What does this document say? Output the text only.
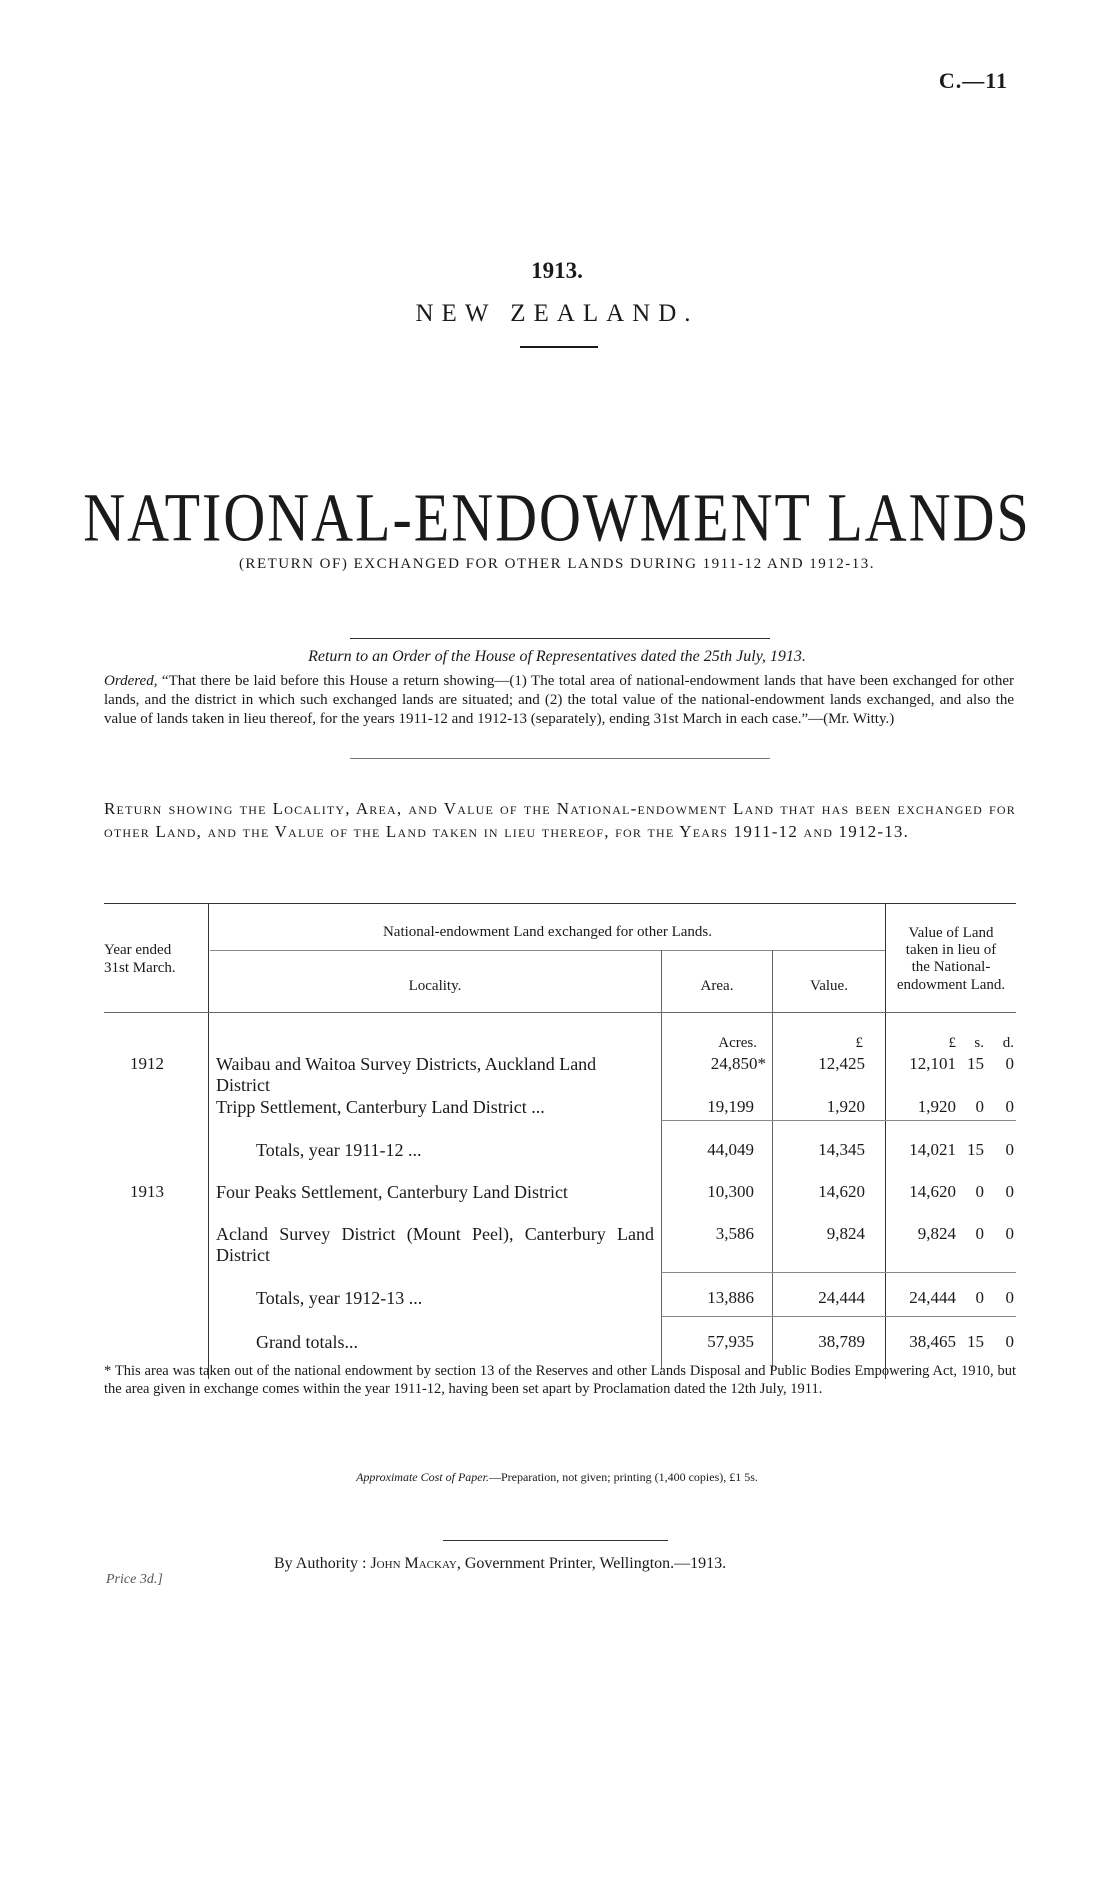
C.—11
1913.
NEW ZEALAND.
NATIONAL-ENDOWMENT LANDS
(RETURN OF) EXCHANGED FOR OTHER LANDS DURING 1911-12 AND 1912-13.
Return to an Order of the House of Representatives dated the 25th July, 1913.
Ordered, “That there be laid before this House a return showing—(1) The total area of national-endowment lands that have been exchanged for other lands, and the district in which such exchanged lands are situated; and (2) the total value of the national-endowment lands exchanged, and also the value of lands taken in lieu thereof, for the years 1911-12 and 1912-13 (separately), ending 31st March in each case.”—(Mr. Witty.)
Return showing the Locality, Area, and Value of the National-endowment Land that has been exchanged for other Land, and the Value of the Land taken in lieu thereof, for the Years 1911-12 and 1912-13.
Year ended
31st March.
National-endowment Land exchanged for other Lands.
Locality.	Area.	Value.
Value of Land
taken in lieu of
the National-
endowment Land.
Acres.	£	£	s.	d.
1912	Waibau and Waitoa Survey Districts, Auckland Land District
24,850*	12,425	12,101 15	0
Tripp Settlement, Canterbury Land District ...	19,199	1,920	1,920	0	0
Totals, year 1911-12 ...	44,049	14,345	14,021 15	0
1913	Four Peaks Settlement, Canterbury Land District	10,300	14,620	14,620	0	0
Acland Survey District (Mount Peel), Canterbury Land District
3,586	9,824	9,824	0	0
Totals, year 1912-13 ...	13,886	24,444	24,444	0	0
Grand totals...	57,935	38,789	38,465 15	0
* This area was taken out of the national endowment by section 13 of the Reserves and other Lands Disposal and Public Bodies Empowering Act, 1910, but the area given in exchange comes within the year 1911-12, having been set apart by Proclamation dated the 12th July, 1911.
Approximate Cost of Paper.—Preparation, not given; printing (1,400 copies), £1 5s.
By Authority : John Mackay, Government Printer, Wellington.—1913.
Price 3d.]
